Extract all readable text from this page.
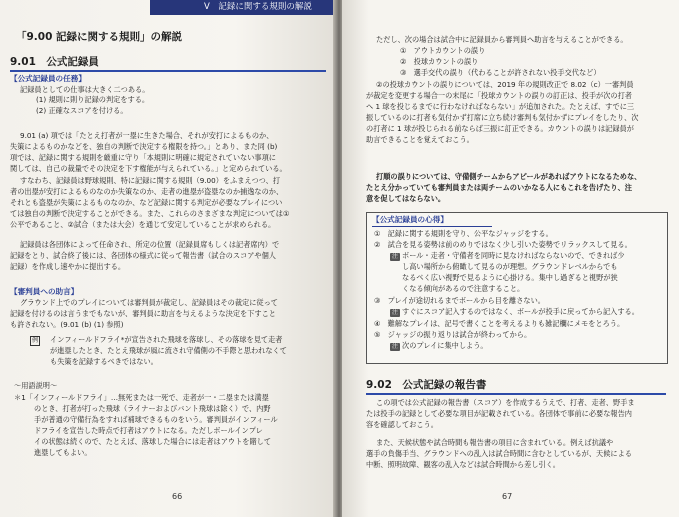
V　記録に関する規則の解説
「9.00 記録に関する規則」の解説
9.01　公式記録員
【公式記録員の任務】
記録員としての仕事は大きく二つある。
(1) 規則に則り記録の判定をする。
(2) 正確なスコアを付ける。
9.01 (a) 項では「たとえ打者が一塁に生きた場合、それが安打によるものか、
失策によるものかなどを、独自の判断で決定する権限を持つ。」とあり、また同 (b)
項では、記録に関する規則を厳重に守り「本規則に明確に規定されていない事項に
関しては、自己の裁量でその決定を下す権能が与えられている。」と定められている。
すなわち、記録員は野球規則、特に記録に関する規則（9.00）をふまえつつ、打
者の出塁が安打によるものなのか失策なのか、走者の進塁が盗塁なのか捕逸なのか、
それとも盗塁が失策によるものなのか、など記録に関する判定が必要なプレイについ
ては独自の判断で決定することができる。また、これらのさまざまな判定については①
公平であること、②試合（または大会）を通じて安定していることが求められる。
記録員は各団体によって任命され、所定の位置（記録員席もしくは記者席内）で
記録をとり、試合終了後には、各団体の様式に従って報告書（試合のスコアや個人
記録）を作成し速やかに提出する。
【審判員への助言】
グラウンド上でのプレイについては審判員が裁定し、記録員はその裁定に従って
記録を付けるのは言うまでもないが、審判員に助言を与えるような決定を下すこと
も許されない。(9.01 (b) (1) 参照)
例 インフィールドフライ*が宣告された飛球を落球し、その落球を見て走者
が進塁したとき、たとえ飛球が風に流され守備側の不手際と思われなくて
も失策を記録するべきではない。
～用語説明～
＊1「インフィールドフライ」…無死または一死で、走者が一・二塁または満塁
のとき、打者が打った飛球（ライナーおよびバント飛球は除く）で、内野
手が普通の守備行為をすれば補球できるものをいう。審判員がインフィール
ドフライを宣告した時点で打者はアウトになる。ただしボールインプレ
イの状態は続くので、たとえば、落球した場合には走者はアウトを賭して
進塁してもよい。
66
ただし、次の場合は試合中に記録員から審判員へ助言を与えることができる。
①　アウトカウントの誤り
②　投球カウントの誤り
③　選手交代の誤り（代わることが許されない投手交代など）
②の投球カウントの誤りについては、2019 年の規則改正で 8.02（c）一審判員
が裁定を変更する場合一の末尾に「投球カウントの誤りの訂正は、投手が次の打者
へ 1 球を投じるまでに行わなければならない」が追加された。たとえば、すでに三
振しているのに打者も気付かず打席に立ち続け審判も気付かずにプレイをしたり、次
の打者に 1 球が投じられる前ならば三振に訂正できる。カウントの誤りは記録員が
助言できることを覚えておこう。
打順の誤りについては、守備側チームからアピールがあればアウトになるためな、
たとえ分かっていても審判員または両チームのいかなる人にもこれを告げたり、注
意を促してはならない。
【公式記録員の心得】
①　記録に関する規則を守り、公平なジャッジをする。
②　試合を見る姿勢は前のめりではなく少し引いた姿勢でリラックスして見る。
注 ボール・走者・守備者を同時に見なければならないので、できれば少
し高い場所から俯瞰して見るのが理想。グラウンドレベルからでも
なるべく広い視野で見るように心掛ける。集中し過ぎると視野が狭
くなる傾向があるので注意すること。
③　プレイが途切れるまでボールから目を離さない。
注 すぐにスコア記入するのではなく、ボールが投手に戻ってから記入する。
④　難解なプレイは、記号で書くことを考えるよりも雑記欄にメモをとろう。
⑤　ジャッジの振り返りは試合が終わってから。
注 次のプレイに集中しよう。
9.02　公式記録の報告書
この項では公式記録の報告書（スコア）を作成するうえで、打者、走者、野手ま
たは投手の記録として必要な項目が記載されている。各団体で事前に必要な報告内
容を確認しておこう。
また、天候状態や試合時間も報告書の項目に含まれている。例えば抗議や
選手の負傷手当、グラウンドへの乱入は試合時間に含むとしているが、天候による
中断、照明故障、観客の乱入などは試合時間から差し引く。
67
